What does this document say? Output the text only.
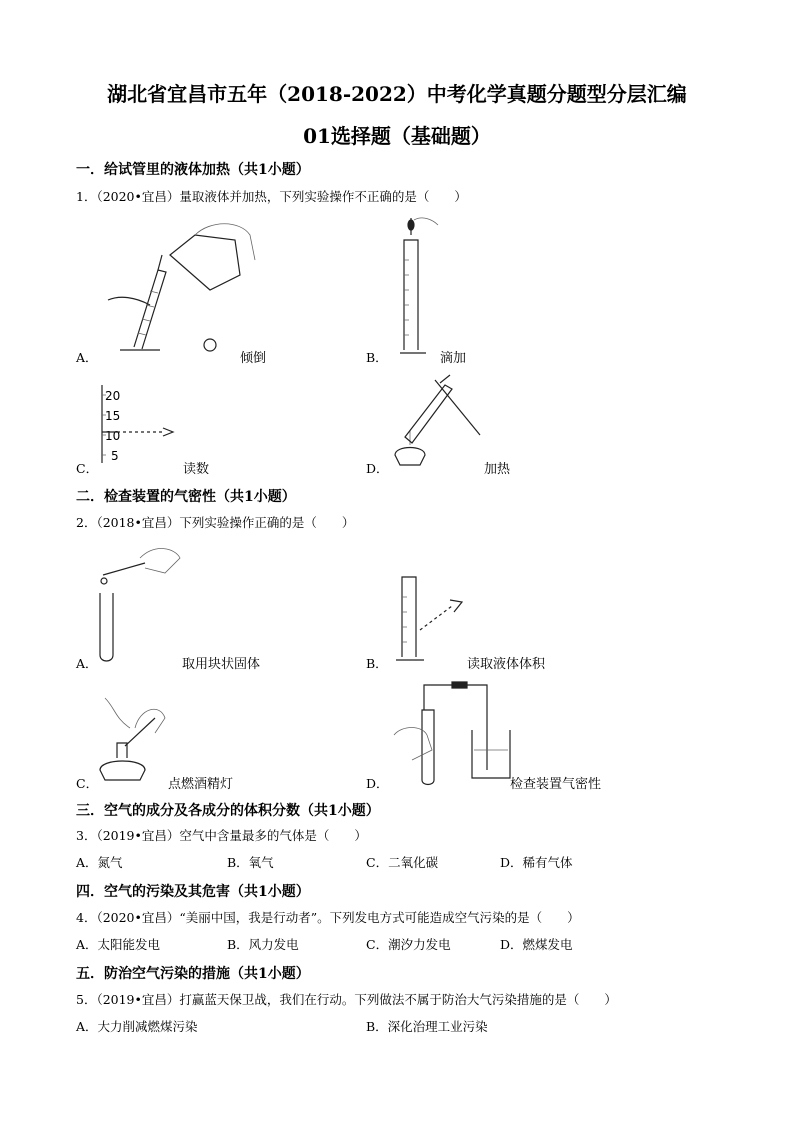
湖北省宜昌市五年（2018-2022）中考化学真题分题型分层汇编
01选择题（基础题）
一．给试管里的液体加热（共1小题）
1．（2020•宜昌）量取液体并加热，下列实验操作不正确的是（　　）
A．	倾倒	B．	滴加
20
15
10
5
C．	读数	D．	加热
二．检查装置的气密性（共1小题）
2．（2018•宜昌）下列实验操作正确的是（　　）
A．	取用块状固体	B．	读取液体体积
C．	点燃酒精灯	D．	检查装置气密性
三．空气的成分及各成分的体积分数（共1小题）
3．（2019•宜昌）空气中含量最多的气体是（　　）
A．氮气	B．氧气	C．二氧化碳	D．稀有气体
四．空气的污染及其危害（共1小题）
4．（2020•宜昌）“美丽中国，我是行动者”。下列发电方式可能造成空气污染的是（　　）
A．太阳能发电	B．风力发电	C．潮汐力发电	D．燃煤发电
五．防治空气污染的措施（共1小题）
5．（2019•宜昌）打赢蓝天保卫战，我们在行动。下列做法不属于防治大气污染措施的是（　　）
A．大力削减燃煤污染	B．深化治理工业污染
